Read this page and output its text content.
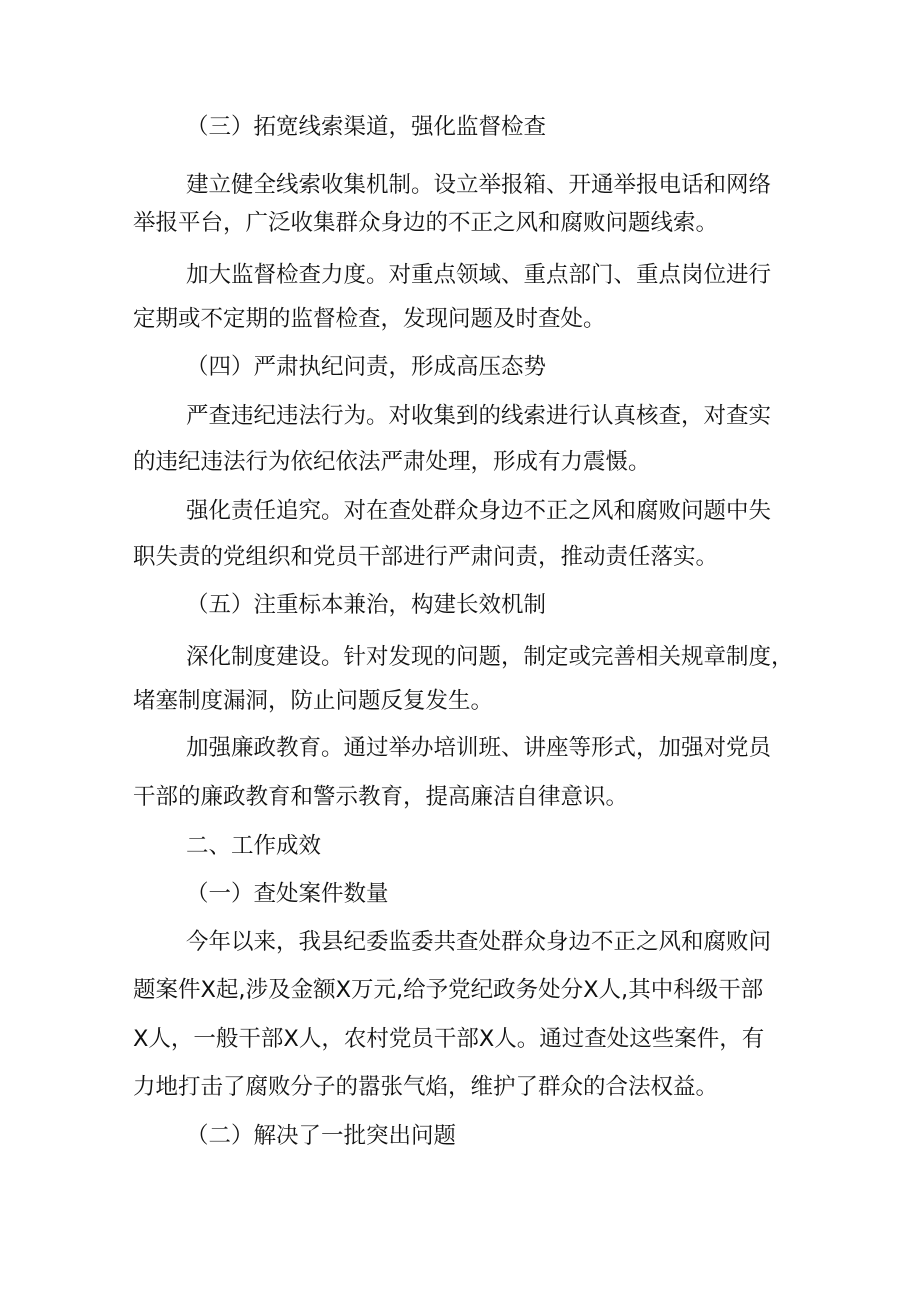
（三）拓宽线索渠道，强化监督检查
建立健全线索收集机制。设立举报箱、开通举报电话和网络
举报平台，广泛收集群众身边的不正之风和腐败问题线索。
加大监督检查力度。对重点领域、重点部门、重点岗位进行
定期或不定期的监督检查，发现问题及时查处。
（四）严肃执纪问责，形成高压态势
严查违纪违法行为。对收集到的线索进行认真核查，对查实
的违纪违法行为依纪依法严肃处理，形成有力震慑。
强化责任追究。对在查处群众身边不正之风和腐败问题中失
职失责的党组织和党员干部进行严肃问责，推动责任落实。
（五）注重标本兼治，构建长效机制
深化制度建设。针对发现的问题，制定或完善相关规章制度，
堵塞制度漏洞，防止问题反复发生。
加强廉政教育。通过举办培训班、讲座等形式，加强对党员
干部的廉政教育和警示教育，提高廉洁自律意识。
二、工作成效
（一）查处案件数量
今年以来，我县纪委监委共查处群众身边不正之风和腐败问
题案件X起,涉及金额X万元,给予党纪政务处分X人,其中科级干部
X人，一般干部X人，农村党员干部X人。通过查处这些案件，有
力地打击了腐败分子的嚣张气焰，维护了群众的合法权益。
（二）解决了一批突出问题
